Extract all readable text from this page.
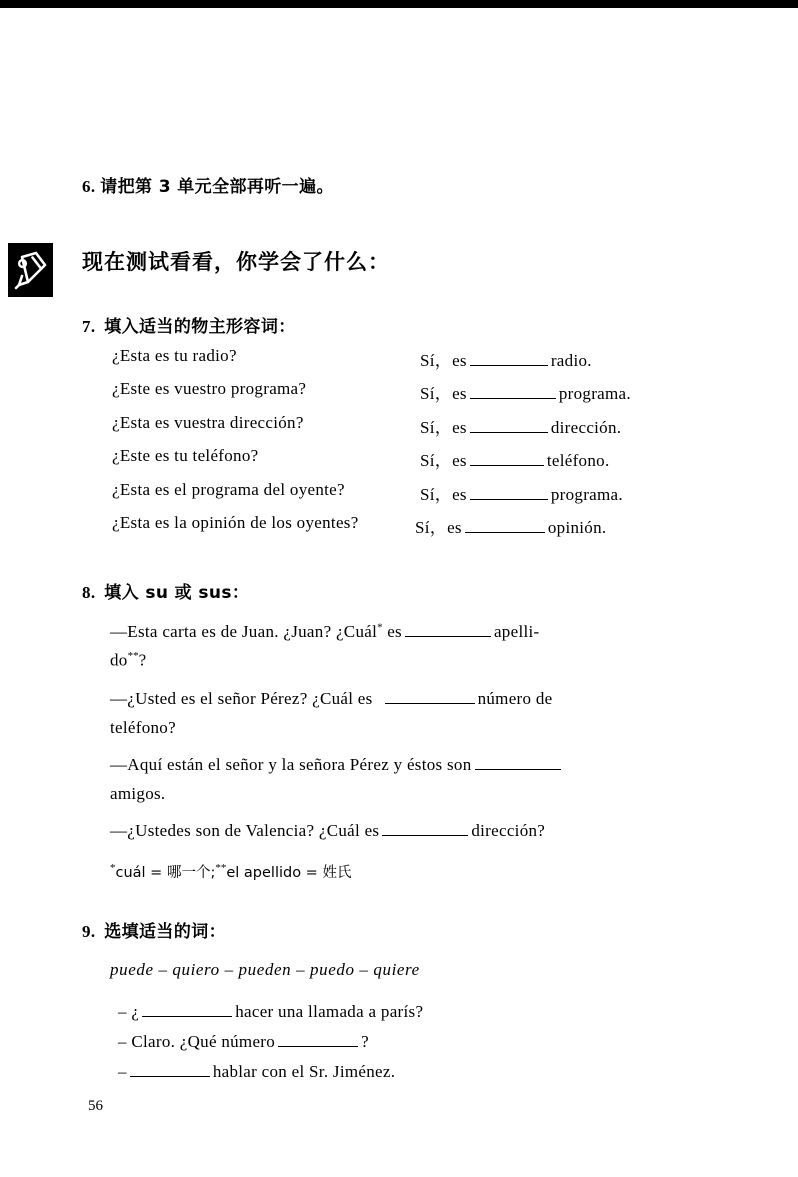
6. 请把第 3 单元全部再听一遍。
现在测试看看，你学会了什么：
7. 填入适当的物主形容词：
¿Esta es tu radio?	Sí，es	radio.
¿Este es vuestro programa?	Sí，es	programa.
¿Esta es vuestra dirección?	Sí，es	dirección.
¿Este es tu teléfono?	Sí，es	teléfono.
¿Esta es el programa del oyente?	Sí，es	programa.
¿Esta es la opinión de los oyentes?	Sí，es	opinión.
8. 填入 su 或 sus：
—Esta carta es de Juan. ¿Juan? ¿Cuál* es	apelli-
do**?
—¿Usted es el señor Pérez? ¿Cuál es	número de
teléfono?
—Aquí están el señor y la señora Pérez y éstos son
amigos.
—¿Ustedes son de Valencia? ¿Cuál es	dirección?
*cuál = 哪一个;**el apellido = 姓氏
9. 选填适当的词：
puede – quiero – pueden – puedo – quiere
– ¿	hacer una llamada a parís?
– Claro. ¿Qué número	?
–	hablar con el Sr. Jiménez.
56
